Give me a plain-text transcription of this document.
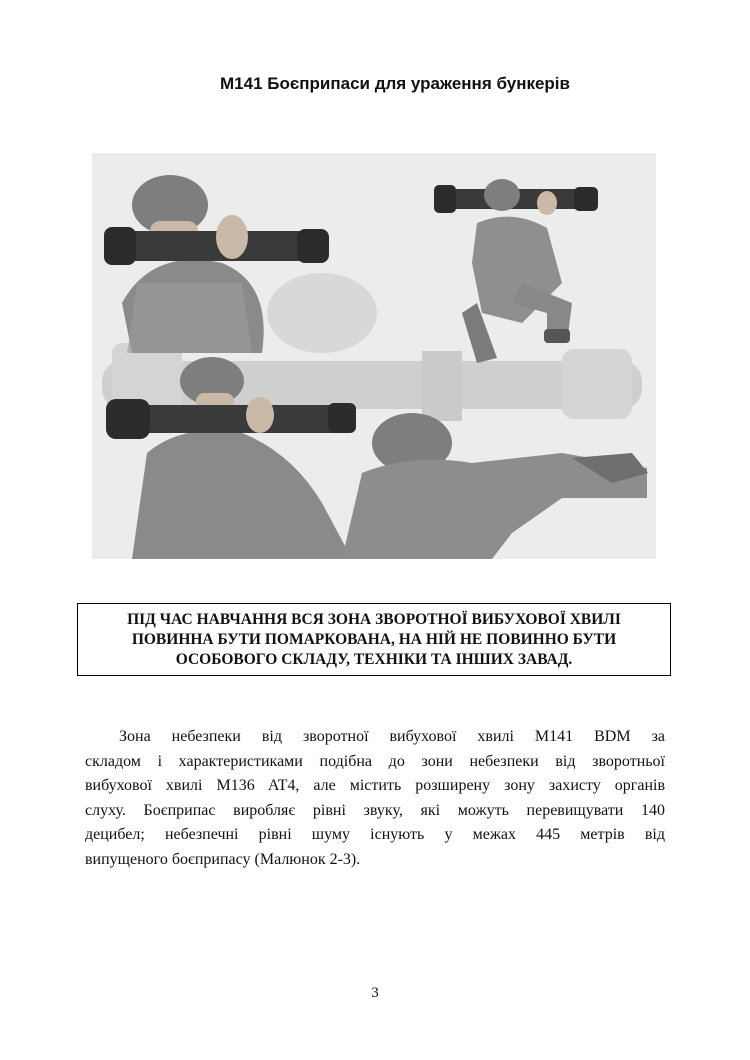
M141 Боєприпаси для ураження бункерів
ПІД ЧАС НАВЧАННЯ ВСЯ ЗОНА ЗВОРОТНОЇ ВИБУХОВОЇ ХВИЛІ
ПОВИННА БУТИ ПОМАРКОВАНА, НА НІЙ НЕ ПОВИННО БУТИ
ОСОБОВОГО СКЛАДУ, ТЕХНІКИ ТА ІНШИХ ЗАВАД.
Зона небезпеки від зворотної вибухової хвилі M141 BDM за
складом і характеристиками подібна до зони небезпеки від зворотньої
вибухової хвилі M136 AT4, але містить розширену зону захисту органів
слуху. Боєприпас виробляє рівні звуку, які можуть перевищувати 140
децибел; небезпечні рівні шуму існують у межах 445 метрів від
випущеного боєприпасу (Малюнок 2-3).
3
